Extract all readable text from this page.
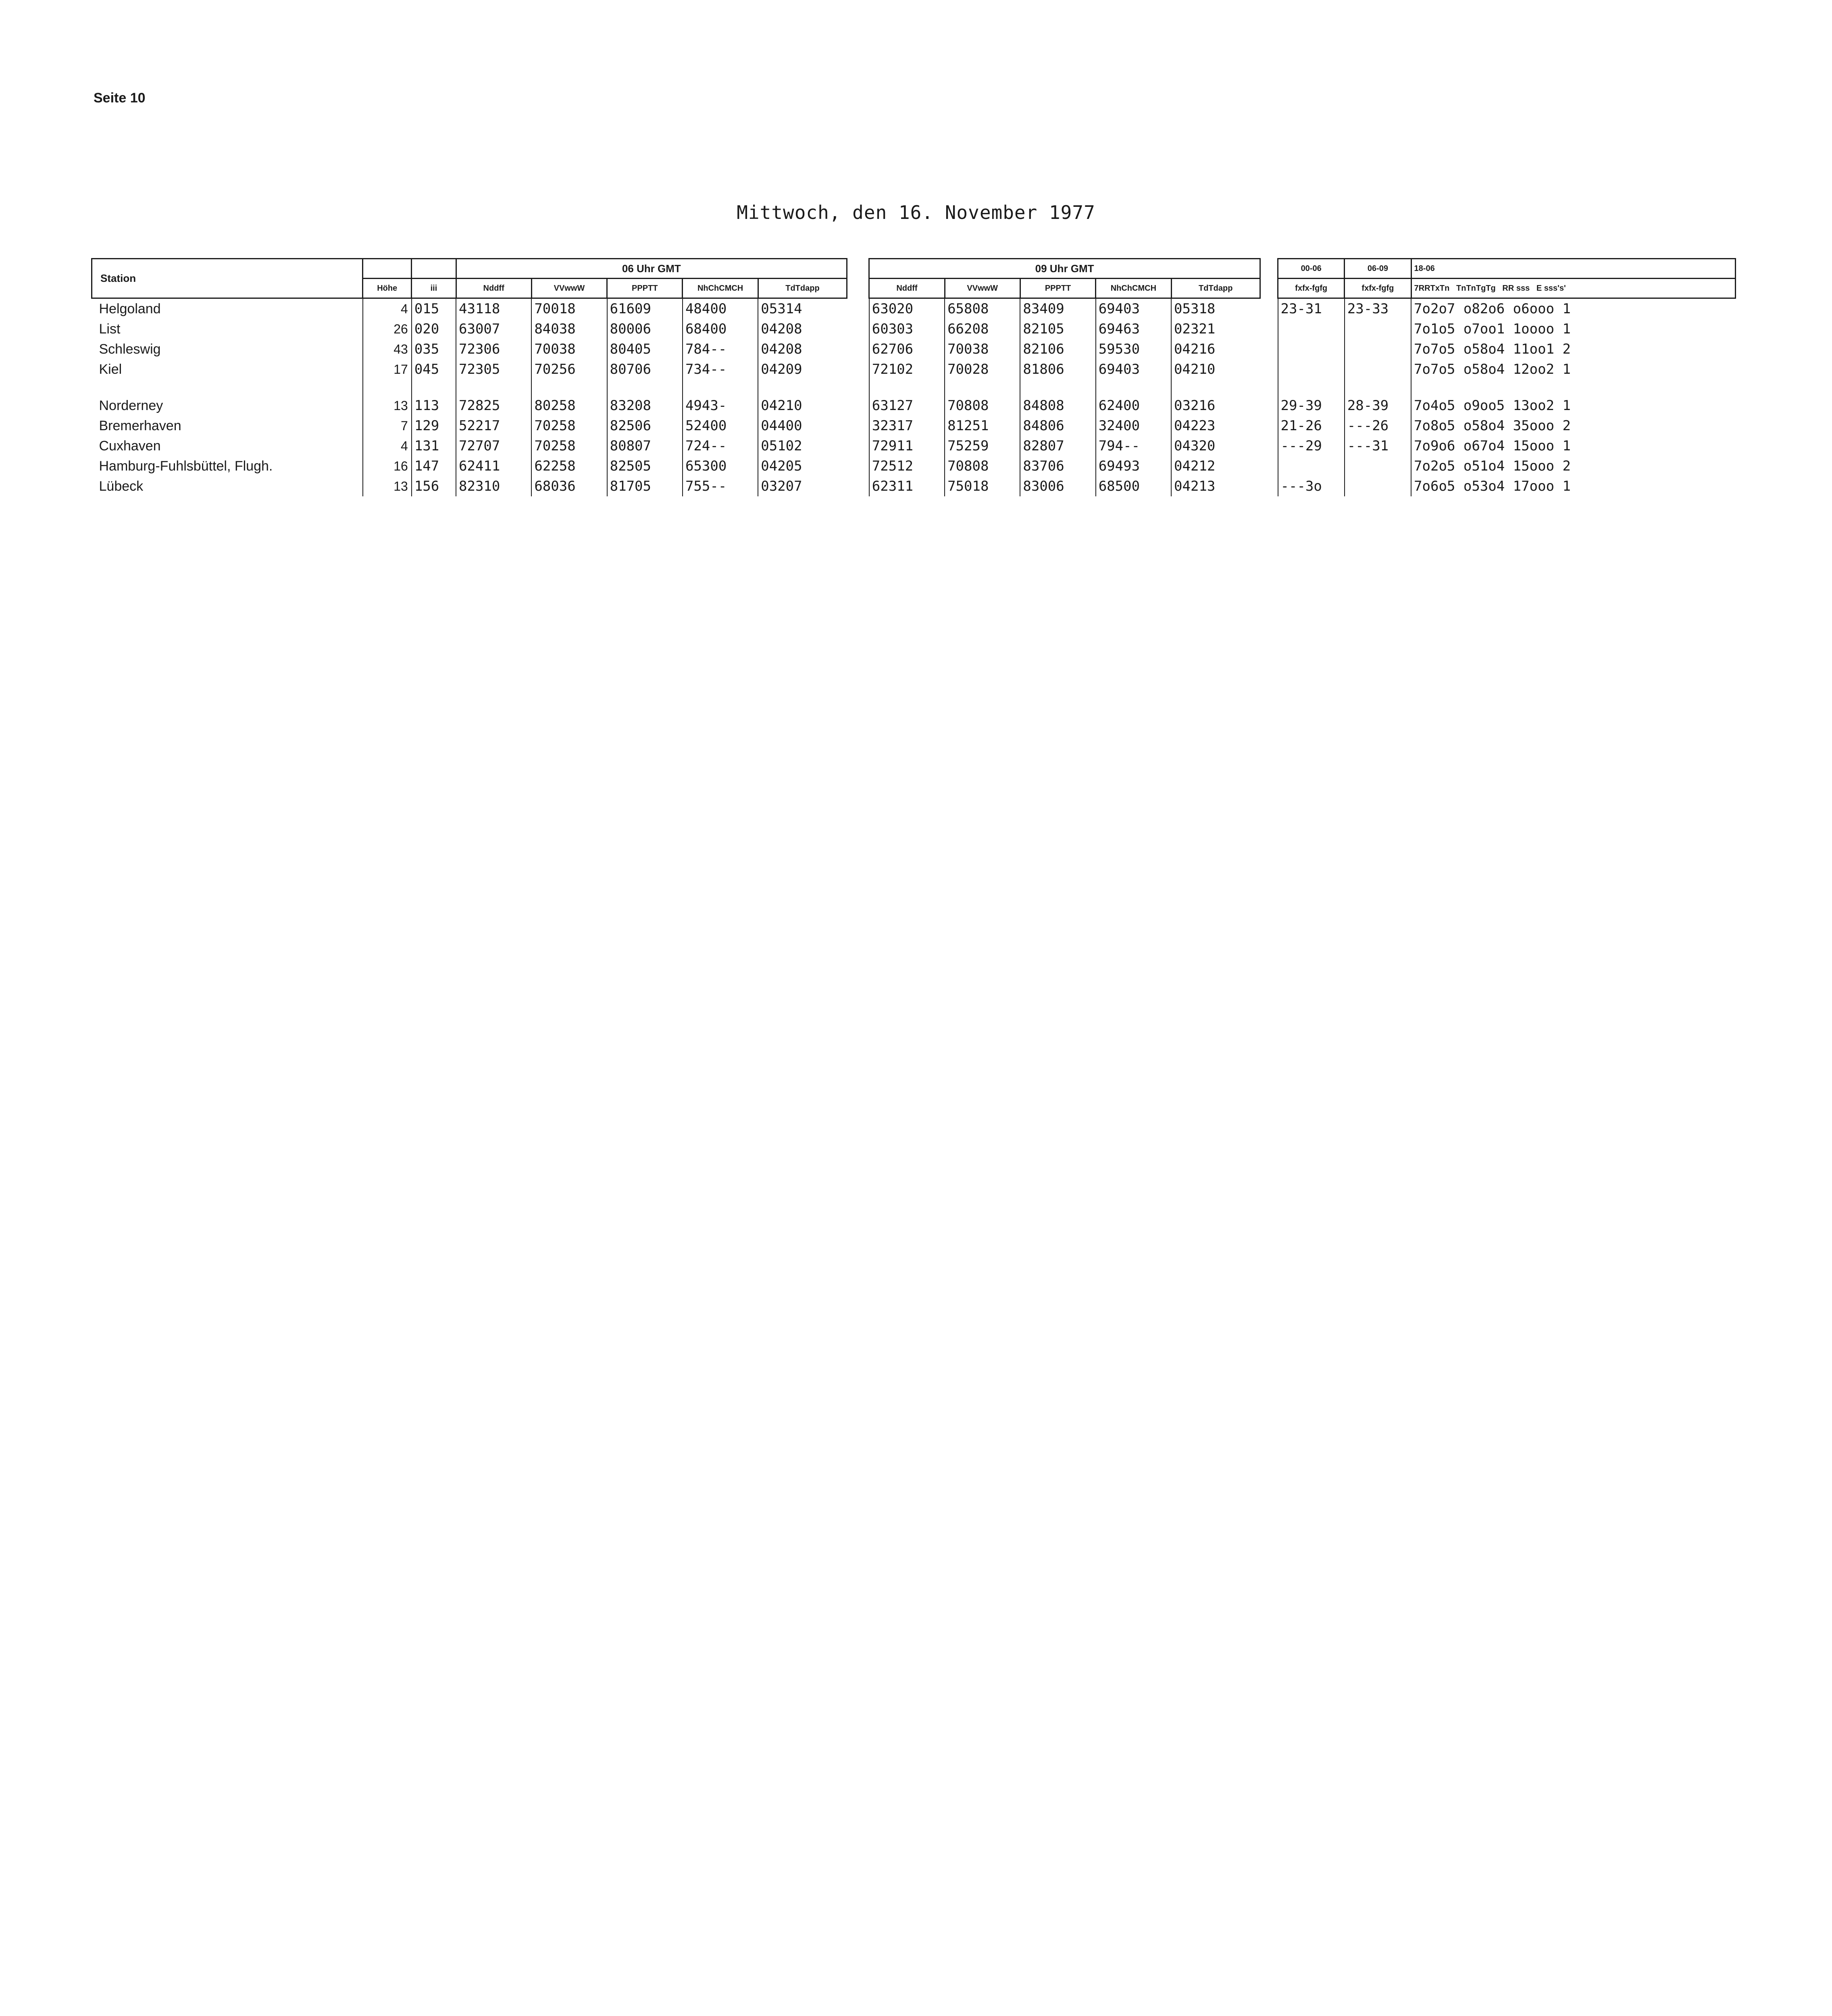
Seite 10
Mittwoch, den 16. November 1977
Station			06 Uhr GMT						09 Uhr GMT						00-06	06-09	18-06
	Höhe	iii	Nddff	VVwwW	PPPTT	NhChCMCH	TdTdapp		Nddff	VVwwW	PPPTT	NhChCMCH	TdTdapp		fxfx-fgfg	fxfx-fgfg	7RRTxTn TnTnTgTg RR sss E sss's'
Helgoland	4	015	43118	70018	61609	48400	05314		63020	65808	83409	69403	05318		23-31	23-33	7o2o7 o82o6 o6ooo 1
List	26	020	63007	84038	80006	68400	04208		60303	66208	82105	69463	02321				7o1o5 o7oo1 1oooo 1
Schleswig	43	035	72306	70038	80405	784--	04208		62706	70038	82106	59530	04216				7o7o5 o58o4 11oo1 2
Kiel	17	045	72305	70256	80706	734--	04209		72102	70028	81806	69403	04210				7o7o5 o58o4 12oo2 1

Norderney	13	113	72825	80258	83208	4943-	04210		63127	70808	84808	62400	03216		29-39	28-39	7o4o5 o9oo5 13oo2 1
Bremerhaven	7	129	52217	70258	82506	52400	04400		32317	81251	84806	32400	04223		21-26	---26	7o8o5 o58o4 35ooo 2
Cuxhaven	4	131	72707	70258	80807	724--	05102		72911	75259	82807	794--	04320		---29	---31	7o9o6 o67o4 15ooo 1
Hamburg-Fuhlsbüttel, Flugh.	16	147	62411	62258	82505	65300	04205		72512	70808	83706	69493	04212				7o2o5 o51o4 15ooo 2
Lübeck	13	156	82310	68036	81705	755--	03207		62311	75018	83006	68500	04213		---3o		7o6o5 o53o4 17ooo 1
